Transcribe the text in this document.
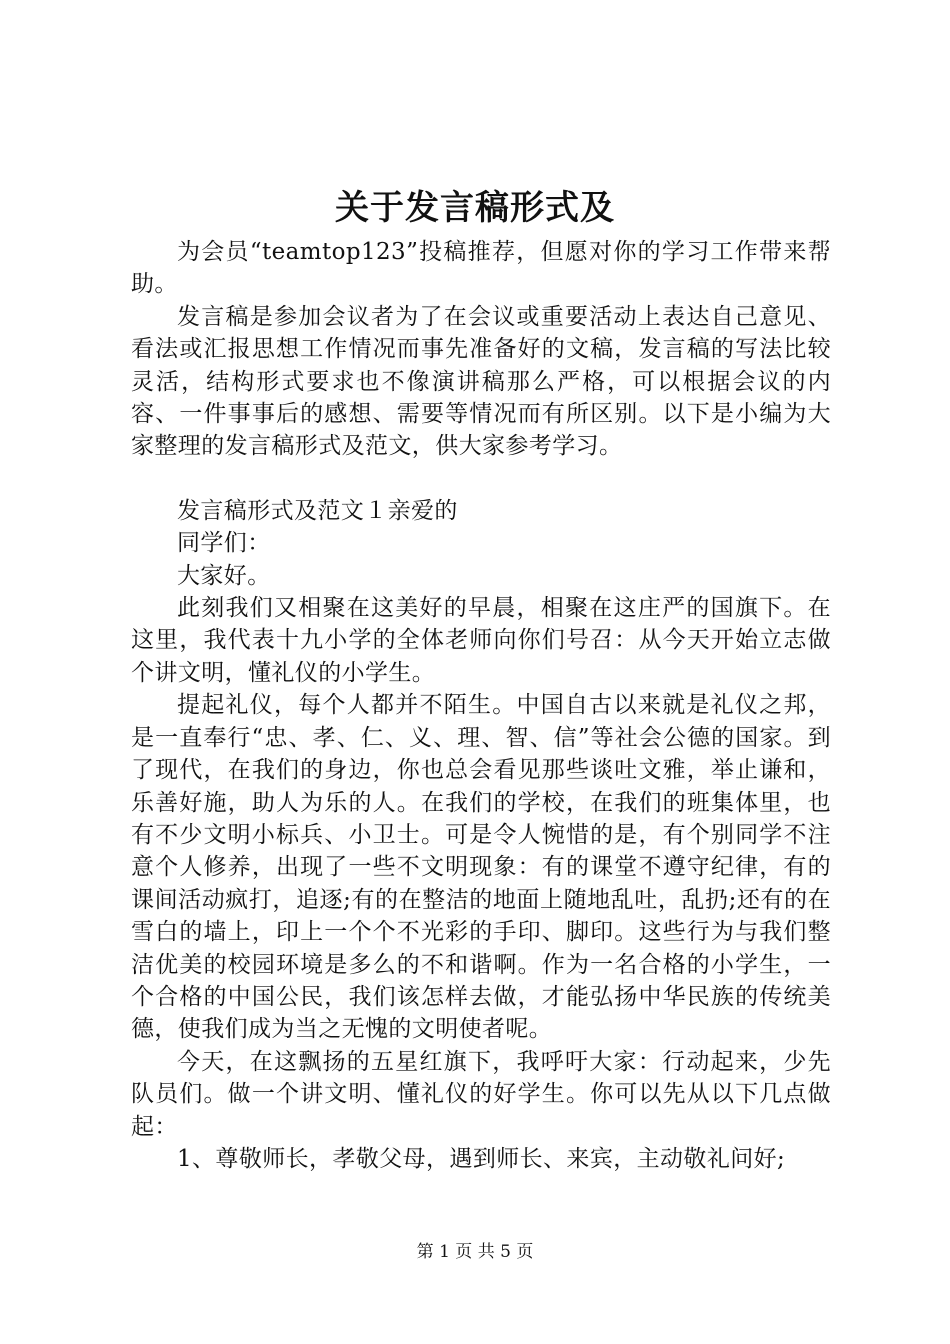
关于发言稿形式及

为会员“teamtop123”投稿推荐，但愿对你的学习工作带来帮助。

发言稿是参加会议者为了在会议或重要活动上表达自己意见、看法或汇报思想工作情况而事先准备好的文稿，发言稿的写法比较灵活，结构形式要求也不像演讲稿那么严格，可以根据会议的内容、一件事事后的感想、需要等情况而有所区别。以下是小编为大家整理的发言稿形式及范文，供大家参考学习。

发言稿形式及范文１亲爱的

同学们：

大家好。

此刻我们又相聚在这美好的早晨，相聚在这庄严的国旗下。在这里，我代表十九小学的全体老师向你们号召：从今天开始立志做个讲文明，懂礼仪的小学生。

提起礼仪，每个人都并不陌生。中国自古以来就是礼仪之邦，是一直奉行“忠、孝、仁、义、理、智、信”等社会公德的国家。到了现代，在我们的身边，你也总会看见那些谈吐文雅，举止谦和，乐善好施，助人为乐的人。在我们的学校，在我们的班集体里，也有不少文明小标兵、小卫士。可是令人惋惜的是，有个别同学不注意个人修养，出现了一些不文明现象：有的课堂不遵守纪律，有的课间活动疯打，追逐;有的在整洁的地面上随地乱吐，乱扔;还有的在雪白的墙上，印上一个个不光彩的手印、脚印。这些行为与我们整洁优美的校园环境是多么的不和谐啊。作为一名合格的小学生，一个合格的中国公民，我们该怎样去做，才能弘扬中华民族的传统美德，使我们成为当之无愧的文明使者呢。

今天，在这飘扬的五星红旗下，我呼吁大家：行动起来，少先队员们。做一个讲文明、懂礼仪的好学生。你可以先从以下几点做起：

1、尊敬师长，孝敬父母，遇到师长、来宾，主动敬礼问好;

第 1 页 共 5 页
